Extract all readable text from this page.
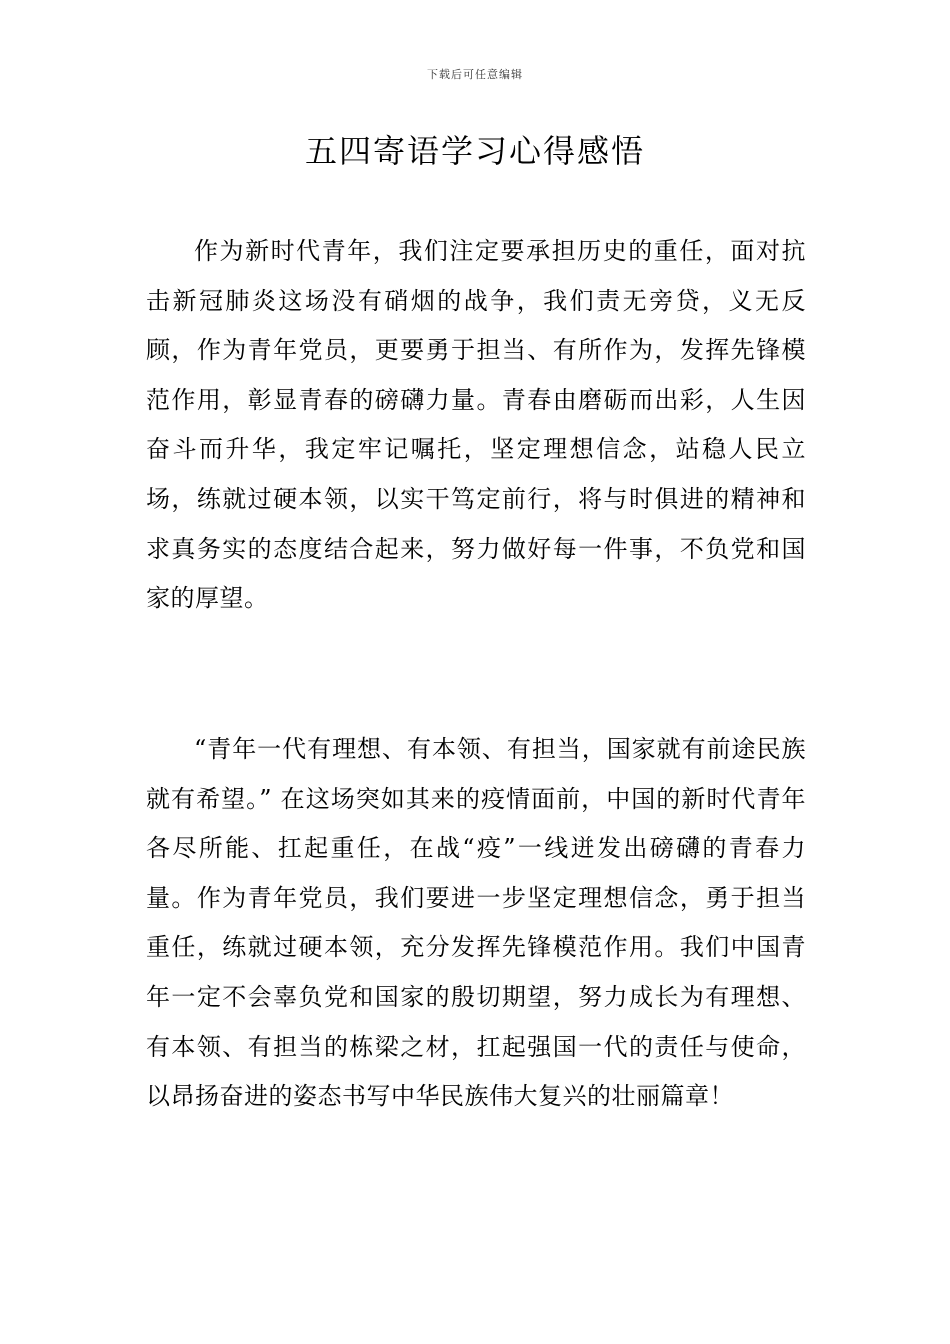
下载后可任意编辑
五四寄语学习心得感悟

作为新时代青年，我们注定要承担历史的重任，面对抗击新冠肺炎这场没有硝烟的战争，我们责无旁贷，义无反顾，作为青年党员，更要勇于担当、有所作为，发挥先锋模范作用，彰显青春的磅礴力量。青春由磨砺而出彩，人生因奋斗而升华，我定牢记嘱托，坚定理想信念，站稳人民立场，练就过硬本领，以实干笃定前行，将与时俱进的精神和求真务实的态度结合起来，努力做好每一件事，不负党和国家的厚望。

“青年一代有理想、有本领、有担当，国家就有前途民族就有希望。” 在这场突如其来的疫情面前，中国的新时代青年各尽所能、扛起重任，在战“疫”一线迸发出磅礴的青春力量。作为青年党员，我们要进一步坚定理想信念，勇于担当重任，练就过硬本领，充分发挥先锋模范作用。我们中国青年一定不会辜负党和国家的殷切期望，努力成长为有理想、有本领、有担当的栋梁之材，扛起强国一代的责任与使命，以昂扬奋进的姿态书写中华民族伟大复兴的壮丽篇章！
